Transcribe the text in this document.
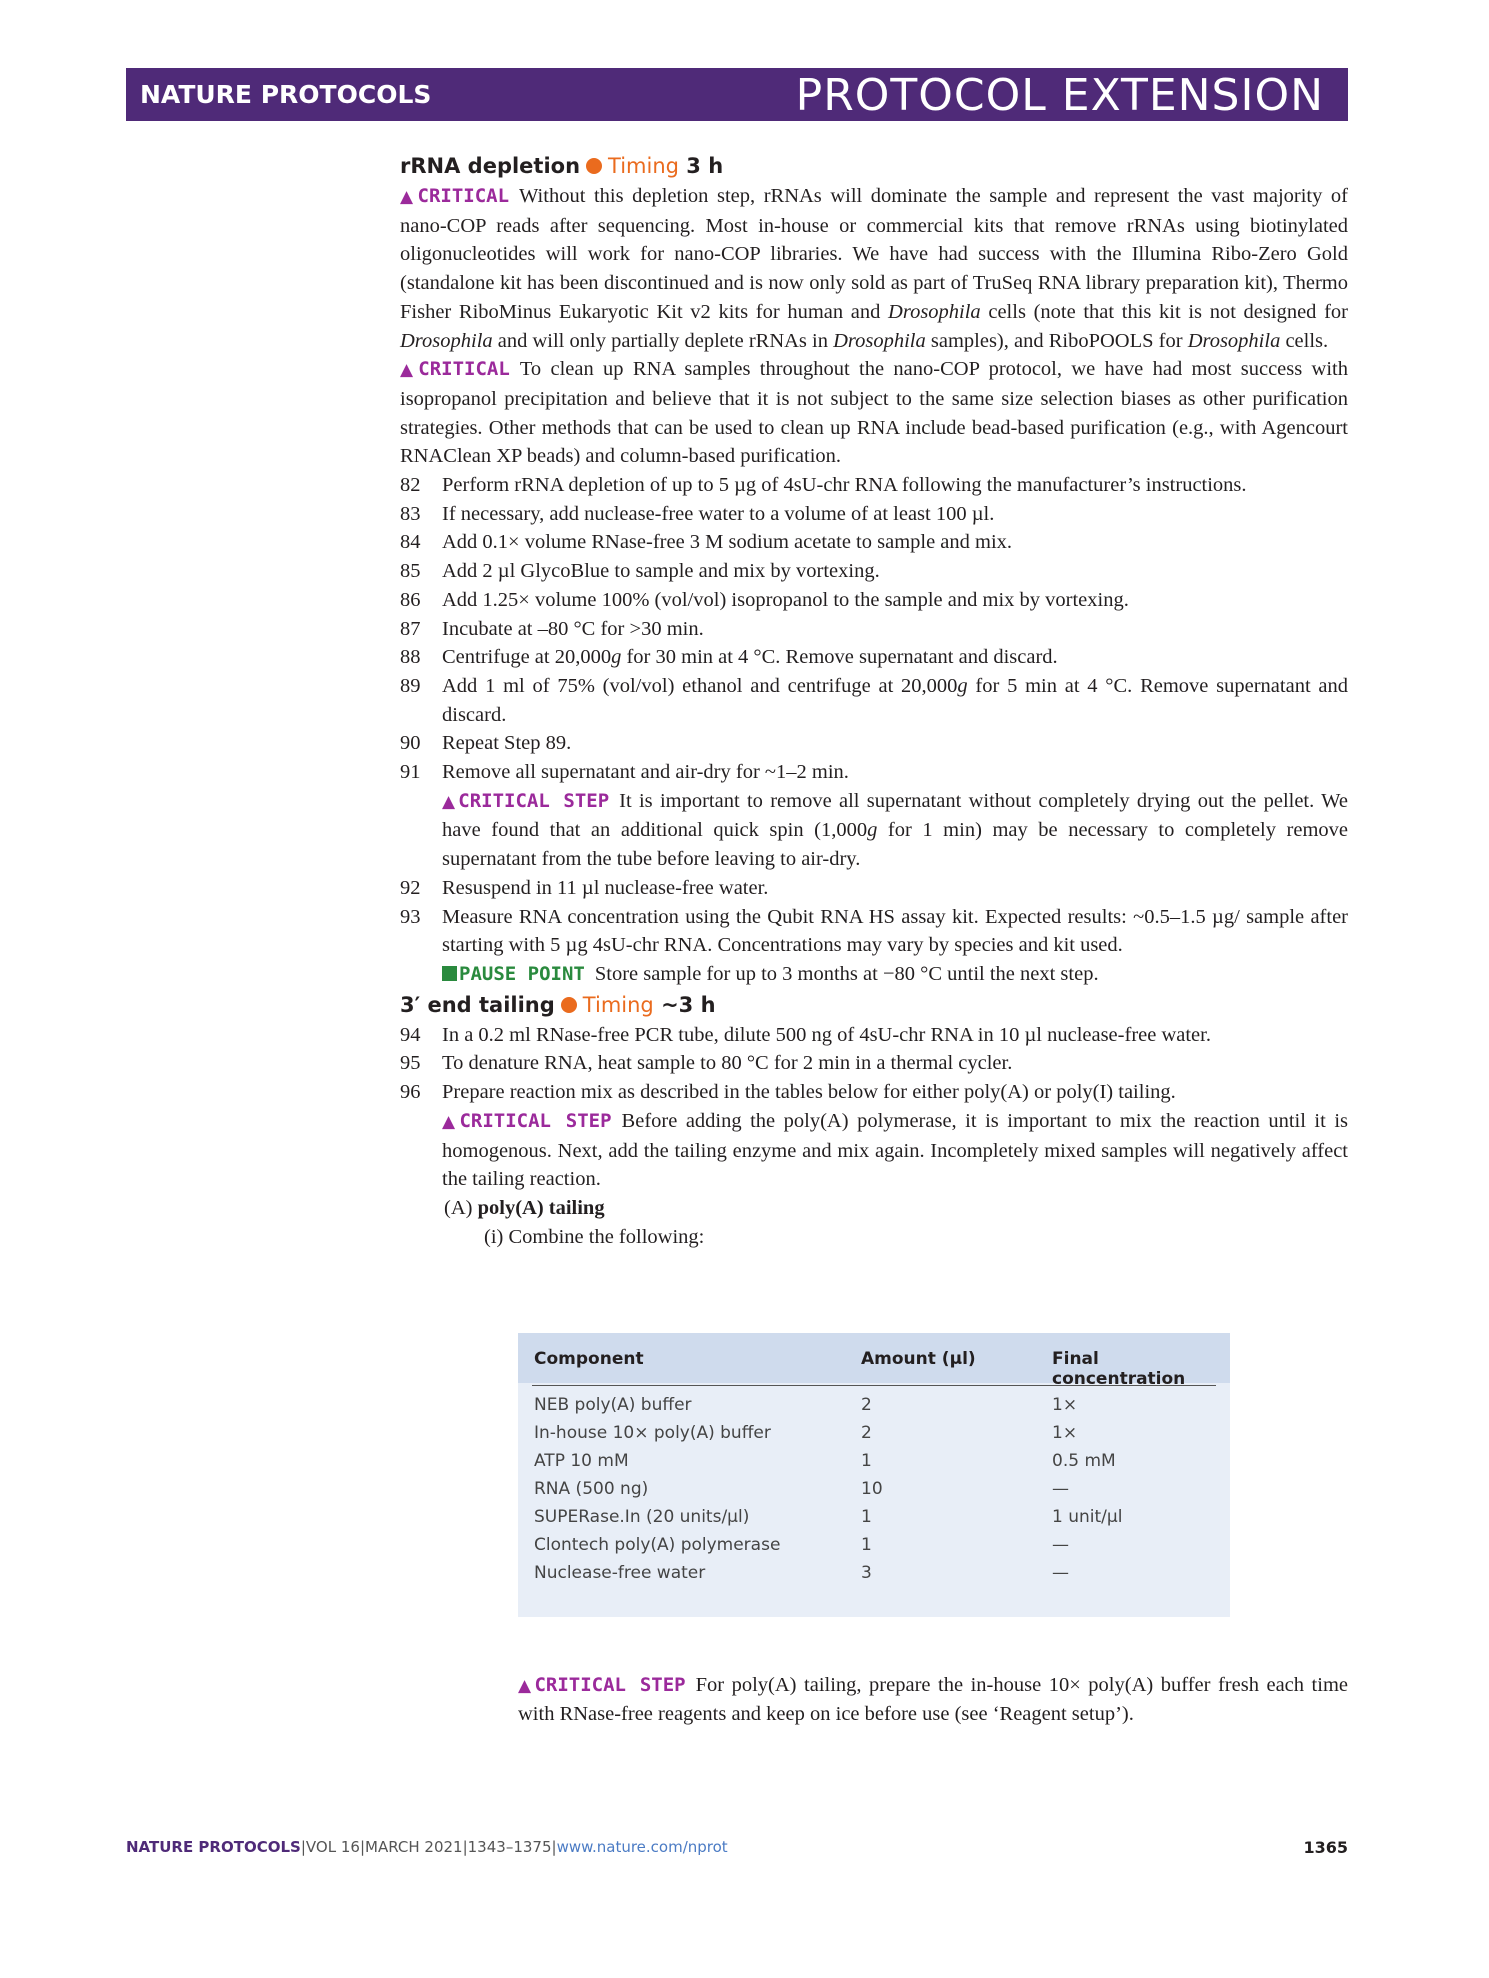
NATURE PROTOCOLS	PROTOCOL EXTENSION

rRNA depletion Timing 3 h

▲CRITICAL Without this depletion step, rRNAs will dominate the sample and represent the vast majority of nano-COP reads after sequencing. Most in-house or commercial kits that remove rRNAs using biotinylated oligonucleotides will work for nano-COP libraries. We have had success with the Illumina Ribo-Zero Gold (standalone kit has been discontinued and is now only sold as part of TruSeq RNA library preparation kit), Thermo Fisher RiboMinus Eukaryotic Kit v2 kits for human and Drosophila cells (note that this kit is not designed for Drosophila and will only partially deplete rRNAs in Drosophila samples), and RiboPOOLS for Drosophila cells.

▲CRITICAL To clean up RNA samples throughout the nano-COP protocol, we have had most success with isopropanol precipitation and believe that it is not subject to the same size selection biases as other purification strategies. Other methods that can be used to clean up RNA include bead-based purification (e.g., with Agencourt RNAClean XP beads) and column-based purification.

82 Perform rRNA depletion of up to 5 µg of 4sU-chr RNA following the manufacturer’s instructions.
83 If necessary, add nuclease-free water to a volume of at least 100 µl.
84 Add 0.1× volume RNase-free 3 M sodium acetate to sample and mix.
85 Add 2 µl GlycoBlue to sample and mix by vortexing.
86 Add 1.25× volume 100% (vol/vol) isopropanol to the sample and mix by vortexing.
87 Incubate at –80 °C for >30 min.
88 Centrifuge at 20,000g for 30 min at 4 °C. Remove supernatant and discard.
89 Add 1 ml of 75% (vol/vol) ethanol and centrifuge at 20,000g for 5 min at 4 °C. Remove supernatant and discard.
90 Repeat Step 89.
91 Remove all supernatant and air-dry for ~1–2 min.

▲CRITICAL STEP It is important to remove all supernatant without completely drying out the pellet. We have found that an additional quick spin (1,000g for 1 min) may be necessary to completely remove supernatant from the tube before leaving to air-dry.

92 Resuspend in 11 µl nuclease-free water.
93 Measure RNA concentration using the Qubit RNA HS assay kit. Expected results: ~0.5–1.5 µg/ sample after starting with 5 µg 4sU-chr RNA. Concentrations may vary by species and kit used.

PAUSE POINT Store sample for up to 3 months at −80 °C until the next step.

3′ end tailing Timing ~3 h

94 In a 0.2 ml RNase-free PCR tube, dilute 500 ng of 4sU-chr RNA in 10 µl nuclease-free water.
95 To denature RNA, heat sample to 80 °C for 2 min in a thermal cycler.
96 Prepare reaction mix as described in the tables below for either poly(A) or poly(I) tailing.

▲CRITICAL STEP Before adding the poly(A) polymerase, it is important to mix the reaction until it is homogenous. Next, add the tailing enzyme and mix again. Incompletely mixed samples will negatively affect the tailing reaction.

(A) poly(A) tailing
(i) Combine the following:
Component	Amount (µl)	Final concentration
NEB poly(A) buffer	2	1×
In-house 10× poly(A) buffer	2	1×
ATP 10 mM	1	0.5 mM
RNA (500 ng)	10	—
SUPERase.In (20 units/µl)	1	1 unit/µl
Clontech poly(A) polymerase	1	—
Nuclease-free water	3	—

▲CRITICAL STEP For poly(A) tailing, prepare the in-house 10× poly(A) buffer fresh each time with RNase-free reagents and keep on ice before use (see ‘Reagent setup’).

NATURE PROTOCOLS|VOL 16|MARCH 2021|1343–1375|www.nature.com/nprot	1365
